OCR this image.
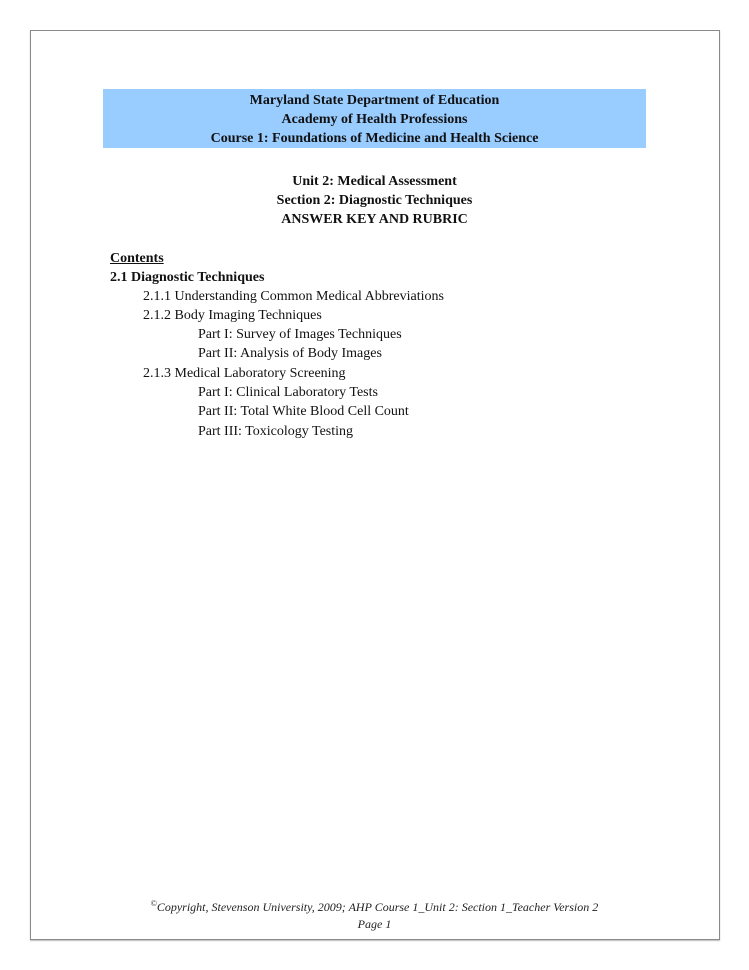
Maryland State Department of Education
Academy of Health Professions
Course 1: Foundations of Medicine and Health Science
Unit 2: Medical Assessment
Section 2: Diagnostic Techniques
ANSWER KEY AND RUBRIC
Contents
2.1 Diagnostic Techniques
2.1.1 Understanding Common Medical Abbreviations
2.1.2 Body Imaging Techniques
Part I: Survey of Images Techniques
Part II: Analysis of Body Images
2.1.3 Medical Laboratory Screening
Part I: Clinical Laboratory Tests
Part II: Total White Blood Cell Count
Part III: Toxicology Testing
©Copyright, Stevenson University, 2009; AHP Course 1_Unit 2: Section 1_Teacher Version 2
Page 1
